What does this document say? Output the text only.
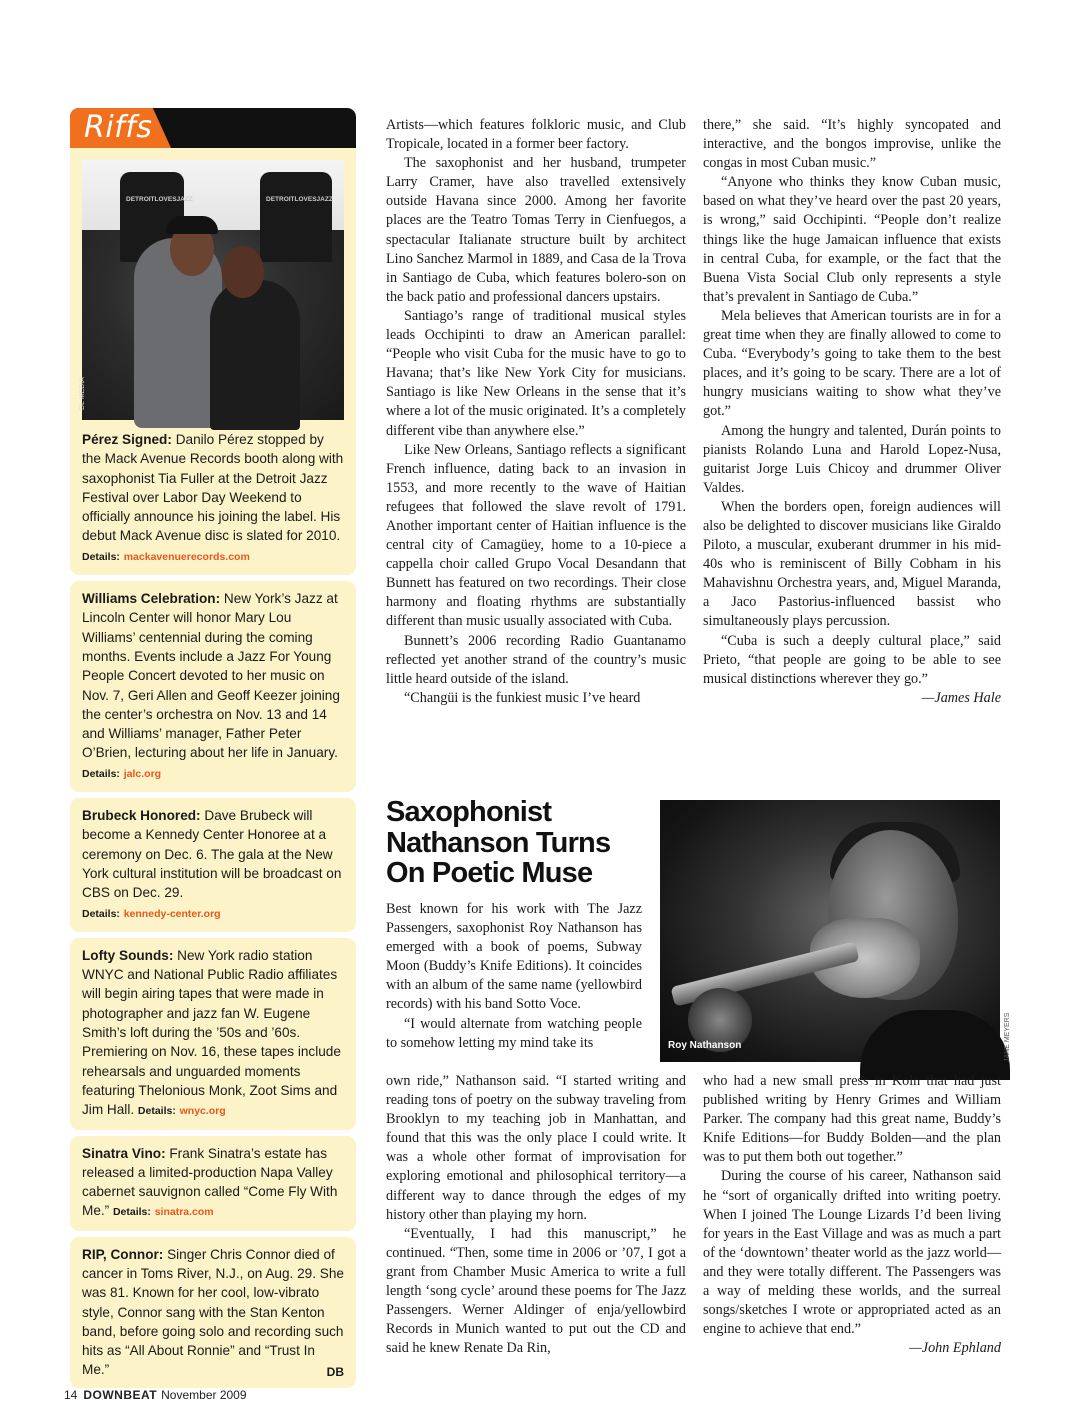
Riffs
DETROITLOVESJAZZ	DETROITLOVESJAZZ
DL MEDIA
Pérez Signed: Danilo Pérez stopped by the Mack Avenue Records booth along with saxophonist Tia Fuller at the Detroit Jazz Festival over Labor Day Weekend to officially announce his joining the label. His debut Mack Avenue disc is slated for 2010. Details: mackavenuerecords.com
Williams Celebration: New York’s Jazz at Lincoln Center will honor Mary Lou Williams’ centennial during the coming months. Events include a Jazz For Young People Concert devoted to her music on Nov. 7, Geri Allen and Geoff Keezer joining the center’s orchestra on Nov. 13 and 14 and Williams’ manager, Father Peter O’Brien, lecturing about her life in January. Details: jalc.org
Brubeck Honored: Dave Brubeck will become a Kennedy Center Honoree at a ceremony on Dec. 6. The gala at the New York cultural institution will be broadcast on CBS on Dec. 29.
Details: kennedy-center.org
Lofty Sounds: New York radio station WNYC and National Public Radio affiliates will begin airing tapes that were made in photographer and jazz fan W. Eugene Smith’s loft during the ’50s and ’60s. Premiering on Nov. 16, these tapes include rehearsals and unguarded moments featuring Thelonious Monk, Zoot Sims and Jim Hall. Details: wnyc.org
Sinatra Vino: Frank Sinatra’s estate has released a limited-production Napa Valley cabernet sauvignon called “Come Fly With Me.” Details: sinatra.com
RIP, Connor: Singer Chris Connor died of cancer in Toms River, N.J., on Aug. 29. She was 81. Known for her cool, low-vibrato style, Connor sang with the Stan Kenton band, before going solo and recording such hits as “All About Ronnie” and “Trust In Me.”	DB

Artists—which features folkloric music, and Club Tropicale, located in a former beer factory.

The saxophonist and her husband, trumpeter Larry Cramer, have also travelled extensively outside Havana since 2000. Among her favorite places are the Teatro Tomas Terry in Cienfuegos, a spectacular Italianate structure built by architect Lino Sanchez Marmol in 1889, and Casa de la Trova in Santiago de Cuba, which features bolero-son on the back patio and professional dancers upstairs.

Santiago’s range of traditional musical styles leads Occhipinti to draw an American parallel: “People who visit Cuba for the music have to go to Havana; that’s like New York City for musicians. Santiago is like New Orleans in the sense that it’s where a lot of the music originated. It’s a completely different vibe than anywhere else.”

Like New Orleans, Santiago reflects a significant French influence, dating back to an invasion in 1553, and more recently to the wave of Haitian refugees that followed the slave revolt of 1791. Another important center of Haitian influence is the central city of Camagüey, home to a 10-piece a cappella choir called Grupo Vocal Desandann that Bunnett has featured on two recordings. Their close harmony and floating rhythms are substantially different than music usually associated with Cuba.

Bunnett’s 2006 recording Radio Guantanamo reflected yet another strand of the country’s music little heard outside of the island.

“Changüi is the funkiest music I’ve heard

there,” she said. “It’s highly syncopated and interactive, and the bongos improvise, unlike the congas in most Cuban music.”

“Anyone who thinks they know Cuban music, based on what they’ve heard over the past 20 years, is wrong,” said Occhipinti. “People don’t realize things like the huge Jamaican influence that exists in central Cuba, for example, or the fact that the Buena Vista Social Club only represents a style that’s prevalent in Santiago de Cuba.”

Mela believes that American tourists are in for a great time when they are finally allowed to come to Cuba. “Everybody’s going to take them to the best places, and it’s going to be scary. There are a lot of hungry musicians waiting to show what they’ve got.”

Among the hungry and talented, Durán points to pianists Rolando Luna and Harold Lopez-Nusa, guitarist Jorge Luis Chicoy and drummer Oliver Valdes.

When the borders open, foreign audiences will also be delighted to discover musicians like Giraldo Piloto, a muscular, exuberant drummer in his mid-40s who is reminiscent of Billy Cobham in his Mahavishnu Orchestra years, and, Miguel Maranda, a Jaco Pastorius-influenced bassist who simultaneously plays percussion.

“Cuba is such a deeply cultural place,” said Prieto, “that people are going to be able to see musical distinctions wherever they go.”

—James Hale
Saxophonist Nathanson Turns On Poetic Muse
Roy Nathanson	JANE MEYERS

Best known for his work with The Jazz Passengers, saxophonist Roy Nathanson has emerged with a book of poems, Subway Moon (Buddy’s Knife Editions). It coincides with an album of the same name (yellowbird records) with his band Sotto Voce.

“I would alternate from watching people to somehow letting my mind take its

own ride,” Nathanson said. “I started writing and reading tons of poetry on the subway traveling from Brooklyn to my teaching job in Manhattan, and found that this was the only place I could write. It was a whole other format of improvisation for exploring emotional and philosophical territory—a different way to dance through the edges of my history other than playing my horn.

“Eventually, I had this manuscript,” he continued. “Then, some time in 2006 or ’07, I got a grant from Chamber Music America to write a full length ‘song cycle’ around these poems for The Jazz Passengers. Werner Aldinger of enja/yellowbird Records in Munich wanted to put out the CD and said he knew Renate Da Rin,

who had a new small press in Koln that had just published writing by Henry Grimes and William Parker. The company had this great name, Buddy’s Knife Editions—for Buddy Bolden—and the plan was to put them both out together.”

During the course of his career, Nathanson said he “sort of organically drifted into writing poetry. When I joined The Lounge Lizards I’d been living for years in the East Village and was as much a part of the ‘downtown’ theater world as the jazz world—and they were totally different. The Passengers was a way of melding these worlds, and the surreal songs/sketches I wrote or appropriated acted as an engine to achieve that end.”

—John Ephland
14 DOWNBEAT November 2009
